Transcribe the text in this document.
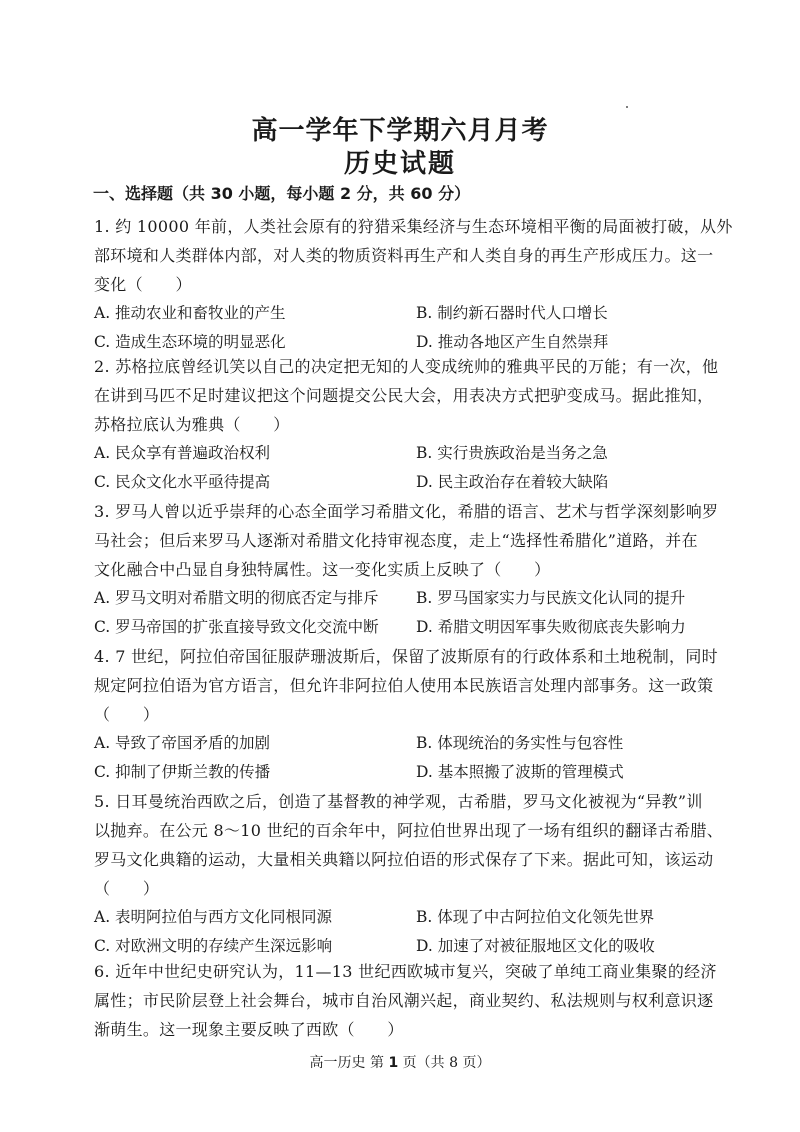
高一学年下学期六月月考
历史试题
一、选择题（共 30 小题，每小题 2 分，共 60 分）

1. 约 10000 年前，人类社会原有的狩猎采集经济与生态环境相平衡的局面被打破，从外
部环境和人类群体内部，对人类的物质资料再生产和人类自身的再生产形成压力。这一
变化（　　）

A. 推动农业和畜牧业的产生	B. 制约新石器时代人口增长
C. 造成生态环境的明显恶化	D. 推动各地区产生自然崇拜

2. 苏格拉底曾经讥笑以自己的决定把无知的人变成统帅的雅典平民的万能；有一次，他
在讲到马匹不足时建议把这个问题提交公民大会，用表决方式把驴变成马。据此推知，
苏格拉底认为雅典（　　）

A. 民众享有普遍政治权利	B. 实行贵族政治是当务之急
C. 民众文化水平亟待提高	D. 民主政治存在着较大缺陷

3. 罗马人曾以近乎崇拜的心态全面学习希腊文化，希腊的语言、艺术与哲学深刻影响罗
马社会；但后来罗马人逐渐对希腊文化持审视态度，走上“选择性希腊化”道路，并在
文化融合中凸显自身独特属性。这一变化实质上反映了（　　）

A. 罗马文明对希腊文明的彻底否定与排斥	B. 罗马国家实力与民族文化认同的提升
C. 罗马帝国的扩张直接导致文化交流中断	D. 希腊文明因军事失败彻底丧失影响力

4. 7 世纪，阿拉伯帝国征服萨珊波斯后，保留了波斯原有的行政体系和土地税制，同时
规定阿拉伯语为官方语言，但允许非阿拉伯人使用本民族语言处理内部事务。这一政策
（　　）

A. 导致了帝国矛盾的加剧	B. 体现统治的务实性与包容性
C. 抑制了伊斯兰教的传播	D. 基本照搬了波斯的管理模式

5. 日耳曼统治西欧之后，创造了基督教的神学观，古希腊，罗马文化被视为“异教”训
以抛弃。在公元 8～10 世纪的百余年中，阿拉伯世界出现了一场有组织的翻译古希腊、
罗马文化典籍的运动，大量相关典籍以阿拉伯语的形式保存了下来。据此可知，该运动
（　　）

A. 表明阿拉伯与西方文化同根同源	B. 体现了中古阿拉伯文化领先世界
C. 对欧洲文明的存续产生深远影响	D. 加速了对被征服地区文化的吸收

6. 近年中世纪史研究认为，11—13 世纪西欧城市复兴，突破了单纯工商业集聚的经济
属性；市民阶层登上社会舞台，城市自治风潮兴起，商业契约、私法规则与权利意识逐
渐萌生。这一现象主要反映了西欧（　　）

高一历史 第 1 页（共 8 页）
